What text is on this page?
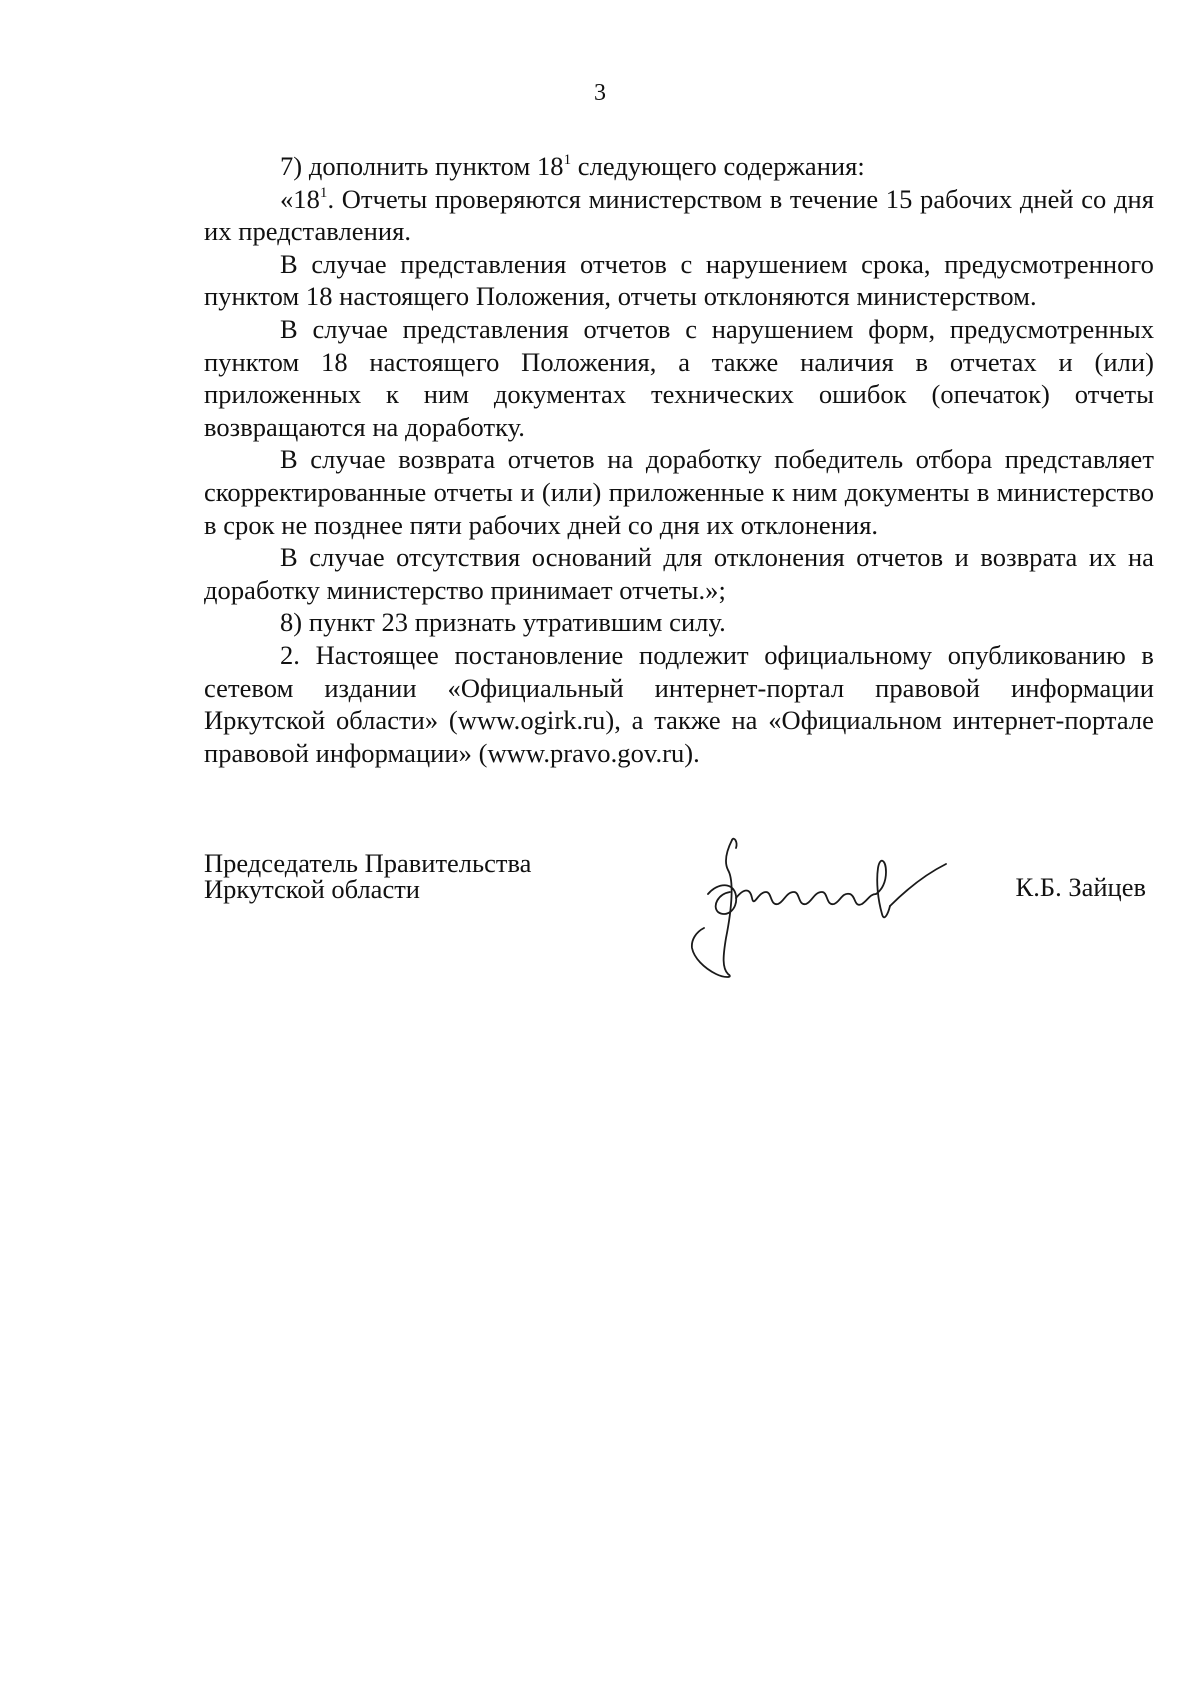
3

7) дополнить пунктом $18^1$ следующего содержания:

«$18^1$. Отчеты проверяются министерством в течение 15 рабочих дней со дня их представления.

В случае представления отчетов с нарушением срока, предусмотренного пунктом 18 настоящего Положения, отчеты отклоняются министерством.

В случае представления отчетов с нарушением форм, предусмотренных пунктом 18 настоящего Положения, а также наличия в отчетах и (или) приложенных к ним документах технических ошибок (опечаток) отчеты возвращаются на доработку.

В случае возврата отчетов на доработку победитель отбора представляет скорректированные отчеты и (или) приложенные к ним документы в министерство в срок не позднее пяти рабочих дней со дня их отклонения.

В случае отсутствия оснований для отклонения отчетов и возврата их на доработку министерство принимает отчеты.»;

8) пункт 23 признать утратившим силу.

2. Настоящее постановление подлежит официальному опубликованию в сетевом издании «Официальный интернет-портал правовой информации Иркутской области» (www.ogirk.ru), а также на «Официальном интернет-портале правовой информации» (www.pravo.gov.ru).

Председатель Правительства
Иркутской области	К.Б. Зайцев
